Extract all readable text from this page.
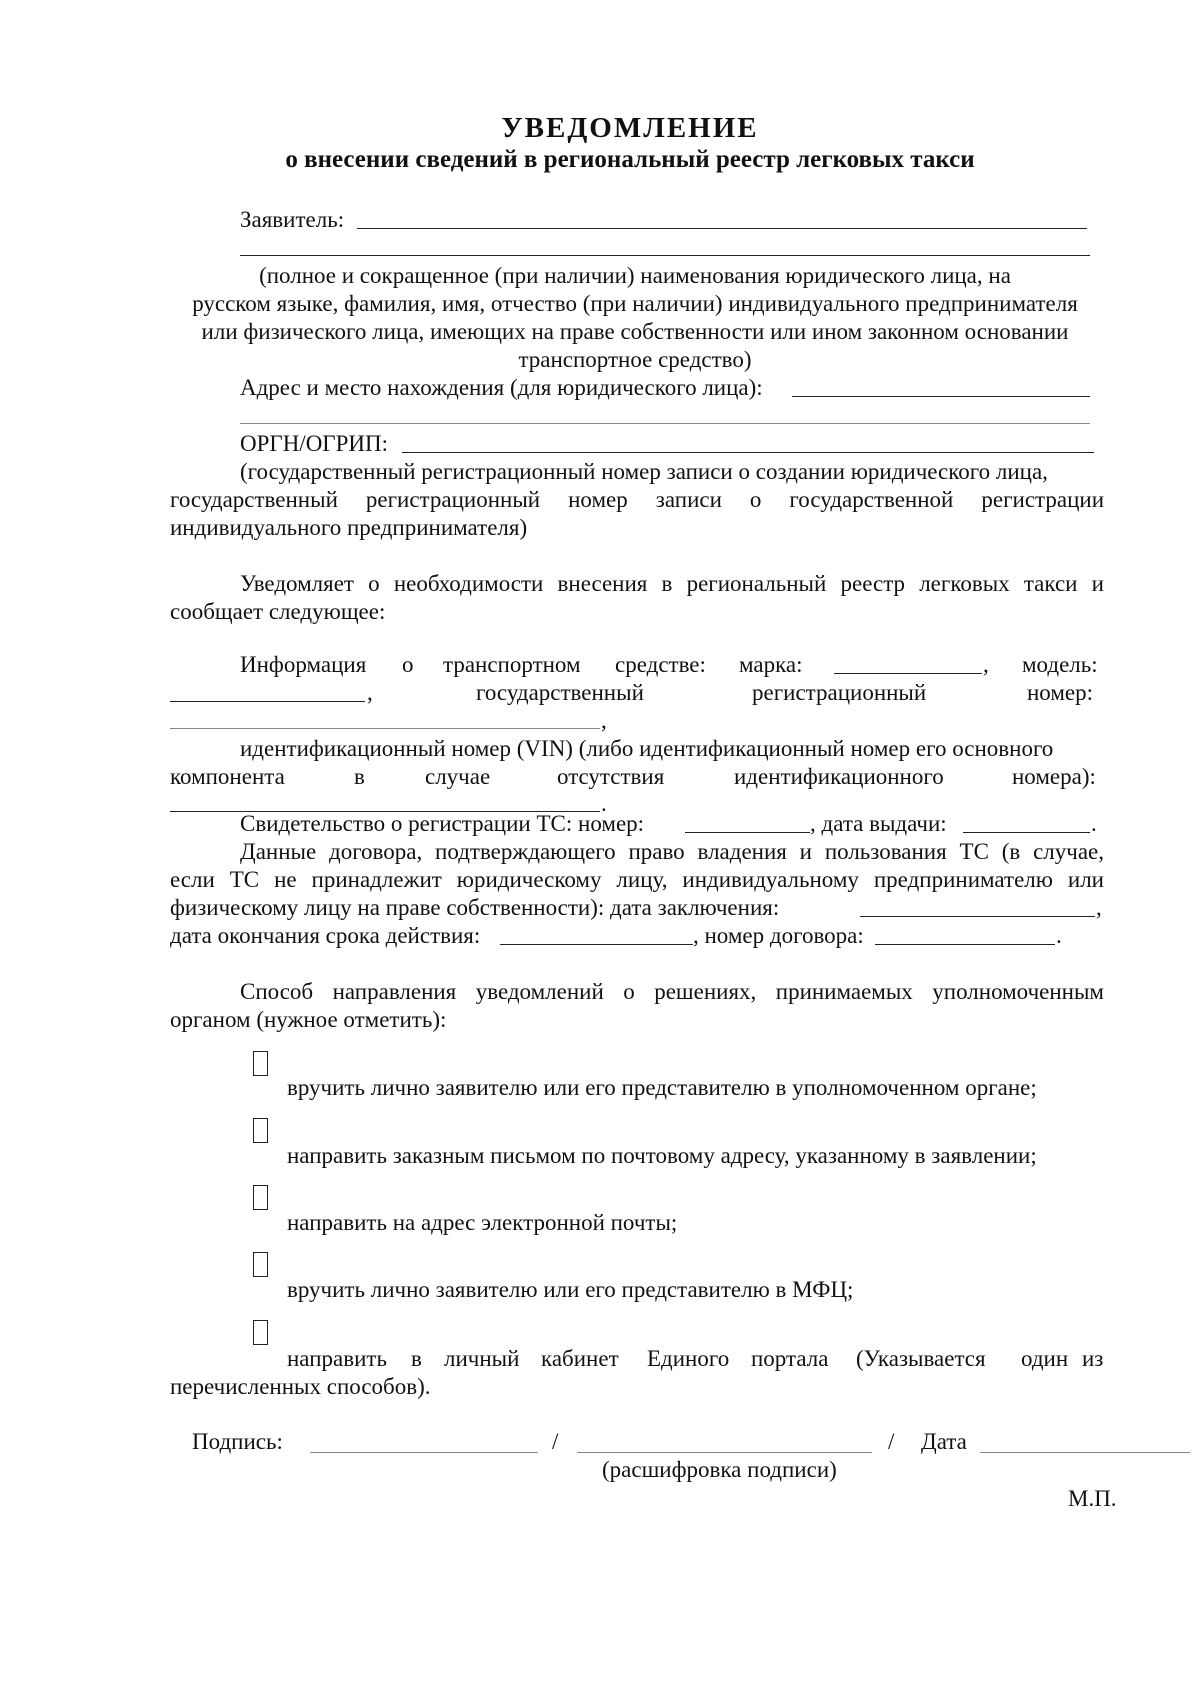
УВЕДОМЛЕНИЕ
о внесении сведений в региональный реестр легковых такси
Заявитель:
(полное и сокращенное (при наличии) наименования юридического лица, на
русском языке, фамилия, имя, отчество (при наличии) индивидуального предпринимателя
или физического лица, имеющих на праве собственности или ином законном основании
транспортное средство)
Адрес и место нахождения (для юридического лица):
ОРГН/ОГРИП:
(государственный регистрационный номер записи о создании юридического лица,
государственный регистрационный номер записи о государственной регистрации
индивидуального предпринимателя)
Уведомляет о необходимости внесения в региональный реестр легковых такси и
сообщает следующее:
Информация о транспортном средстве: марка:	, модель:
,	государственный	регистрационный	номер:
,
идентификационный номер (VIN) (либо идентификационный номер его основного
компонента	в	случае	отсутствия	идентификационного	номера):
.
Свидетельство о регистрации ТС: номер:	, дата выдачи:	.
Данные договора, подтверждающего право владения и пользования ТС (в случае,
если ТС не принадлежит юридическому лицу, индивидуальному предпринимателю или
физическому лицу на праве собственности): дата заключения:	,
дата окончания срока действия:	, номер договора:	.
Способ направления уведомлений о решениях, принимаемых уполномоченным
органом (нужное отметить):
вручить лично заявителю или его представителю в уполномоченном органе;
направить заказным письмом по почтовому адресу, указанному в заявлении;
направить на адрес электронной почты;
вручить лично заявителю или его представителю в МФЦ;
направить в личный кабинет Единого портала (Указывается один из
перечисленных способов).
Подпись:	/	/ Дата
(расшифровка подписи)
М.П.
